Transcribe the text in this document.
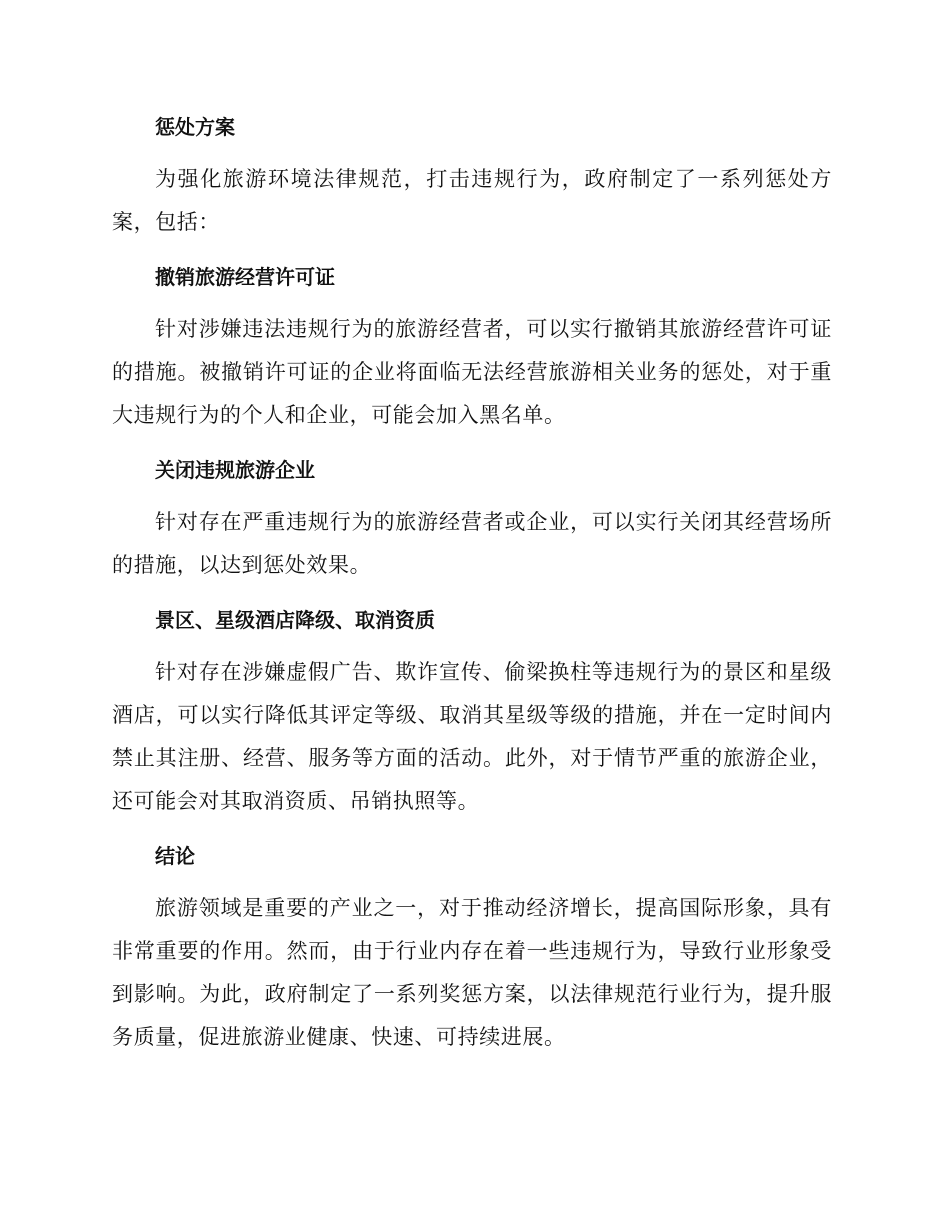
惩处方案

为强化旅游环境法律规范，打击违规行为，政府制定了一系列惩处方案，包括：

撤销旅游经营许可证

针对涉嫌违法违规行为的旅游经营者，可以实行撤销其旅游经营许可证的措施。被撤销许可证的企业将面临无法经营旅游相关业务的惩处，对于重大违规行为的个人和企业，可能会加入黑名单。

关闭违规旅游企业

针对存在严重违规行为的旅游经营者或企业，可以实行关闭其经营场所的措施，以达到惩处效果。

景区、星级酒店降级、取消资质

针对存在涉嫌虚假广告、欺诈宣传、偷梁换柱等违规行为的景区和星级酒店，可以实行降低其评定等级、取消其星级等级的措施，并在一定时间内禁止其注册、经营、服务等方面的活动。此外，对于情节严重的旅游企业，还可能会对其取消资质、吊销执照等。

结论

旅游领域是重要的产业之一，对于推动经济增长，提高国际形象，具有非常重要的作用。然而，由于行业内存在着一些违规行为，导致行业形象受到影响。为此，政府制定了一系列奖惩方案，以法律规范行业行为，提升服务质量，促进旅游业健康、快速、可持续进展。
